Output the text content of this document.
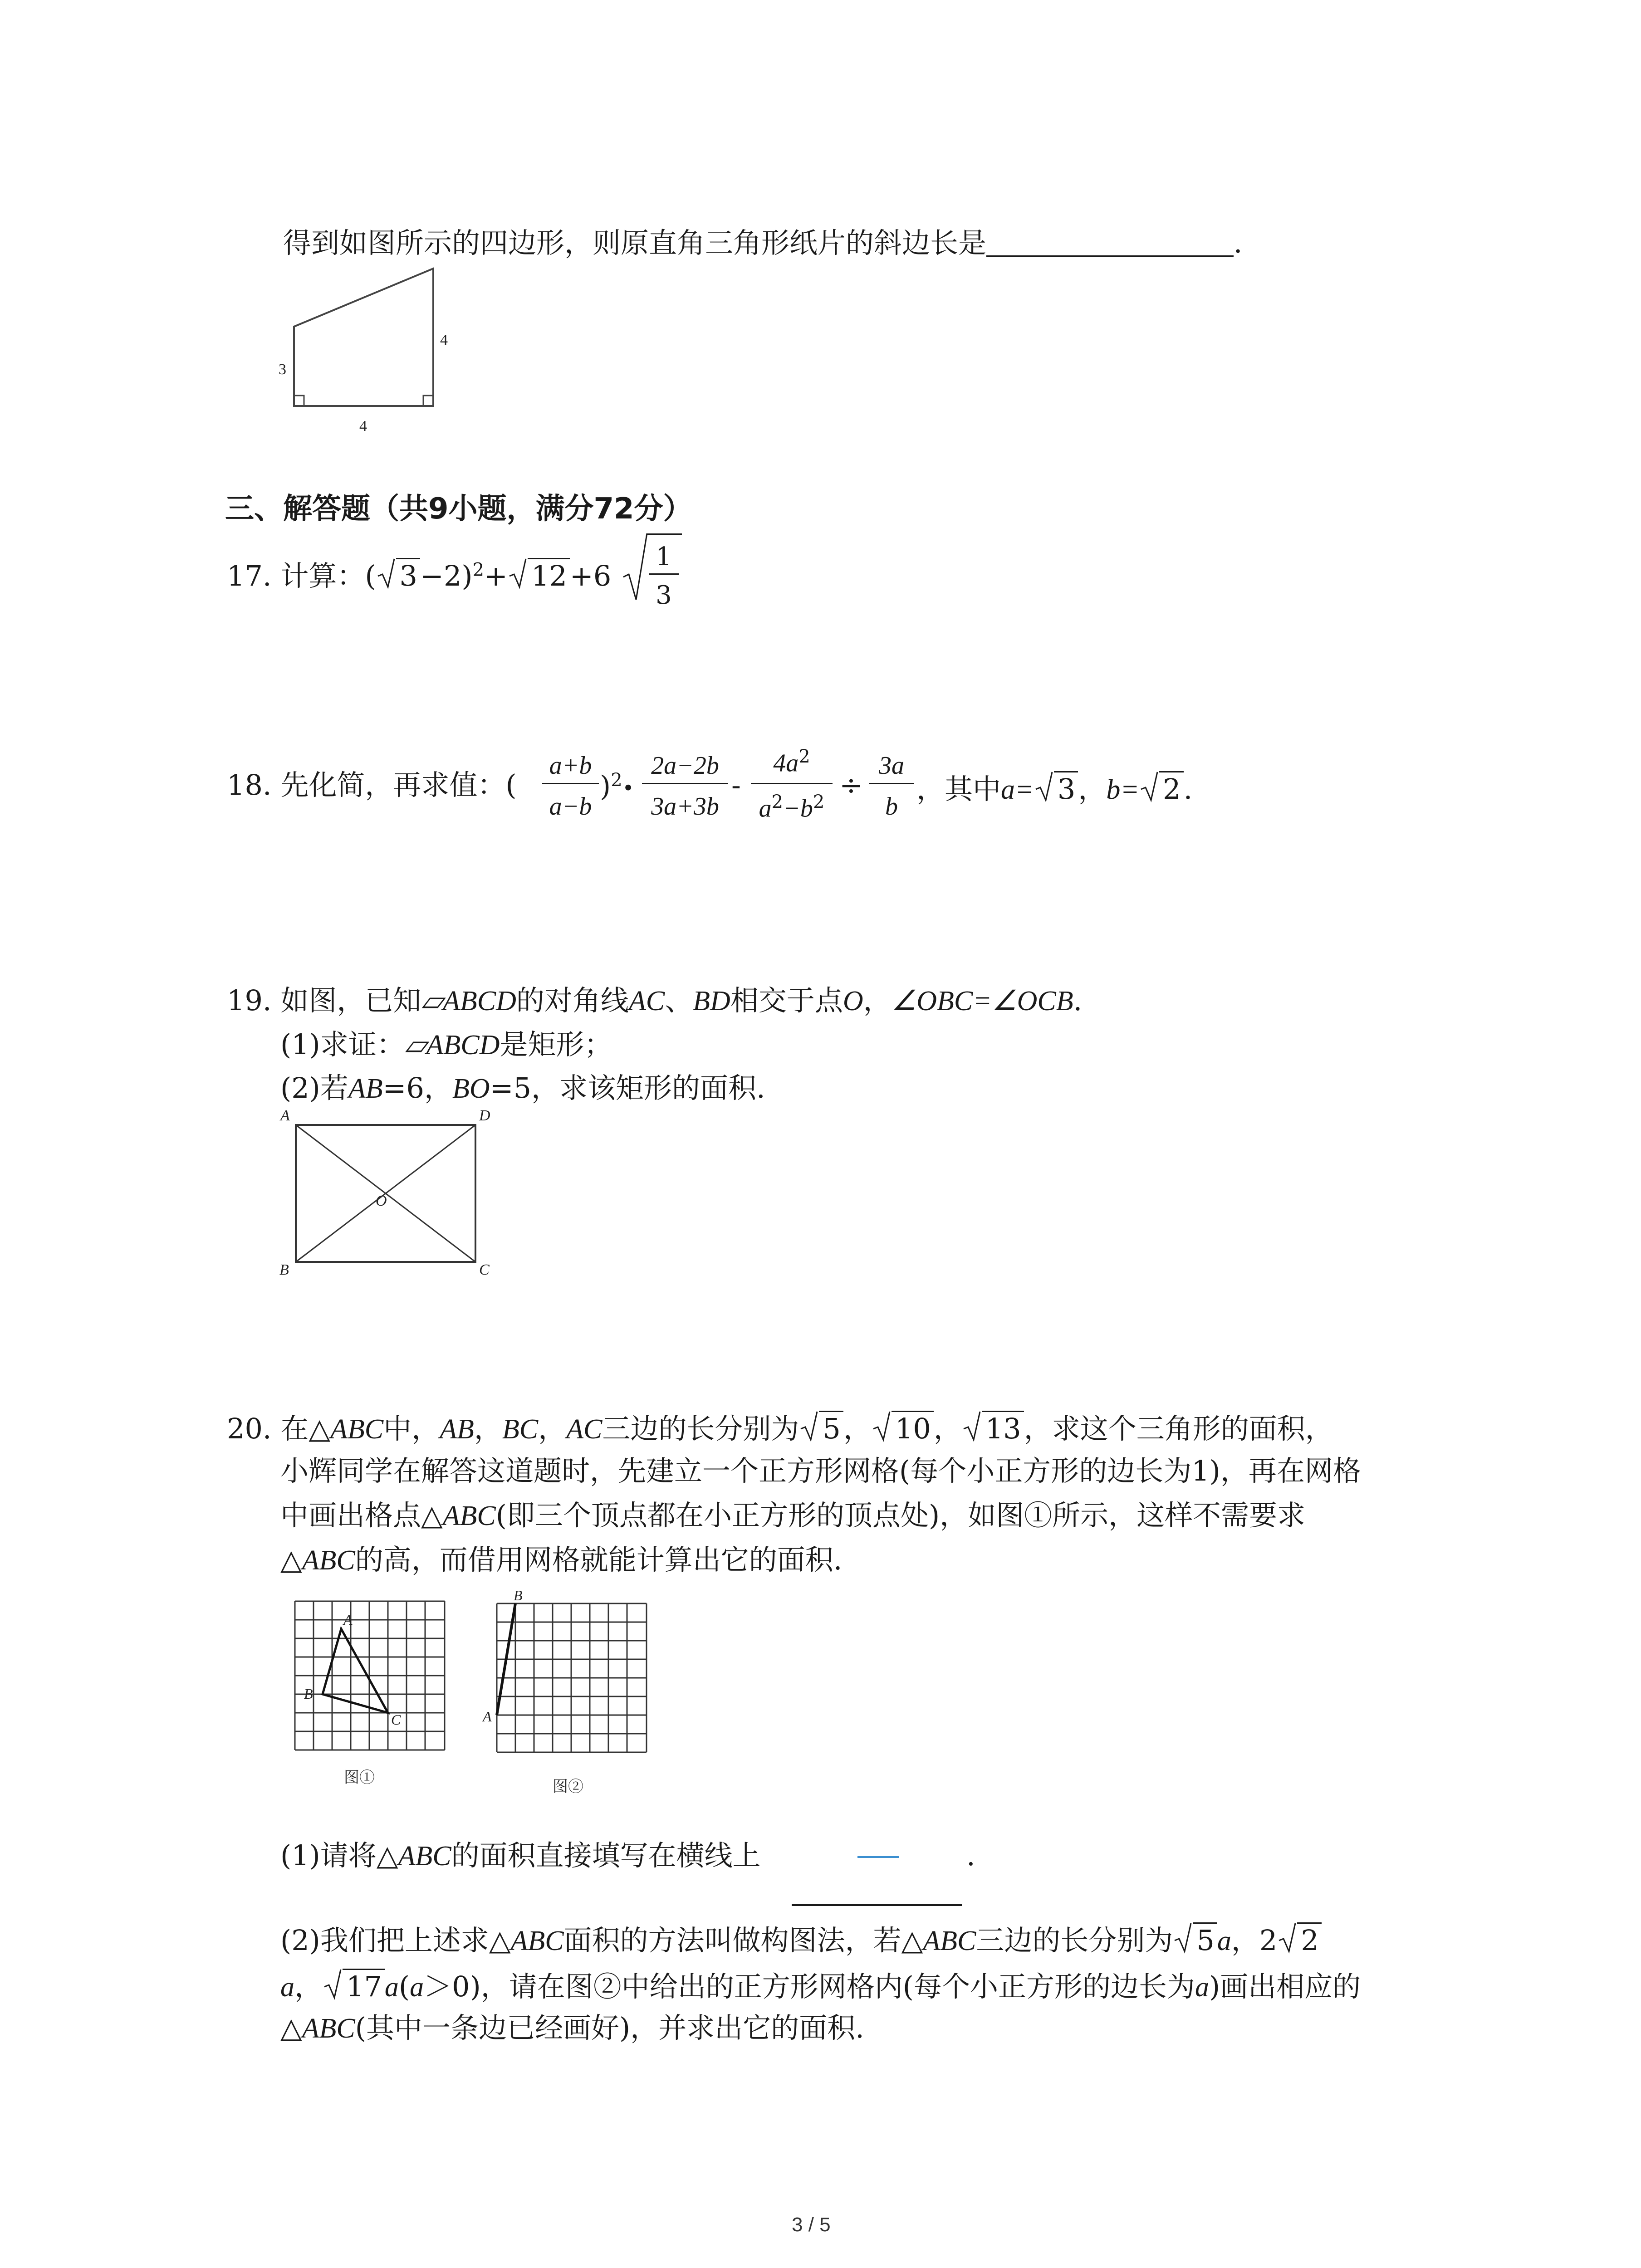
得到如图所示的四边形，则原直角三角形纸片的斜边长是	．
3
4
4
三、解答题（共9小题，满分72分）
17. 计算：( 3−2)$^2$+ 12+6
1
3
18. 先化简，再求值：(
a+b
a−b
)$^2$•
2a−2b
3a+3b
-
$4a^2$
$a^2-b^2$
÷
3a
b
，其中a= 3，b= 2.
19. 如图，已知▱ABCD的对角线AC、BD相交于点O，∠OBC=∠OCB.
(1)求证：▱ABCD是矩形；
(2)若AB=6，BO=5，求该矩形的面积.
A	D
B	C
O
20. 在△ABC中，AB，BC，AC三边的长分别为 5， 10， 13，求这个三角形的面积，
小辉同学在解答这道题时，先建立一个正方形网格(每个小正方形的边长为1)，再在网格
中画出格点△ABC(即三个顶点都在小正方形的顶点处)，如图①所示，这样不需要求
△ABC的高，而借用网格就能计算出它的面积.
A
B
C
图①
B
A
图②
(1)请将△ABC的面积直接填写在横线上	.
(2)我们把上述求△ABC面积的方法叫做构图法，若△ABC三边的长分别为 5a，2 2
a， 17a(a＞0)，请在图②中给出的正方形网格内(每个小正方形的边长为a)画出相应的
△ABC(其中一条边已经画好)，并求出它的面积.
3 / 5
